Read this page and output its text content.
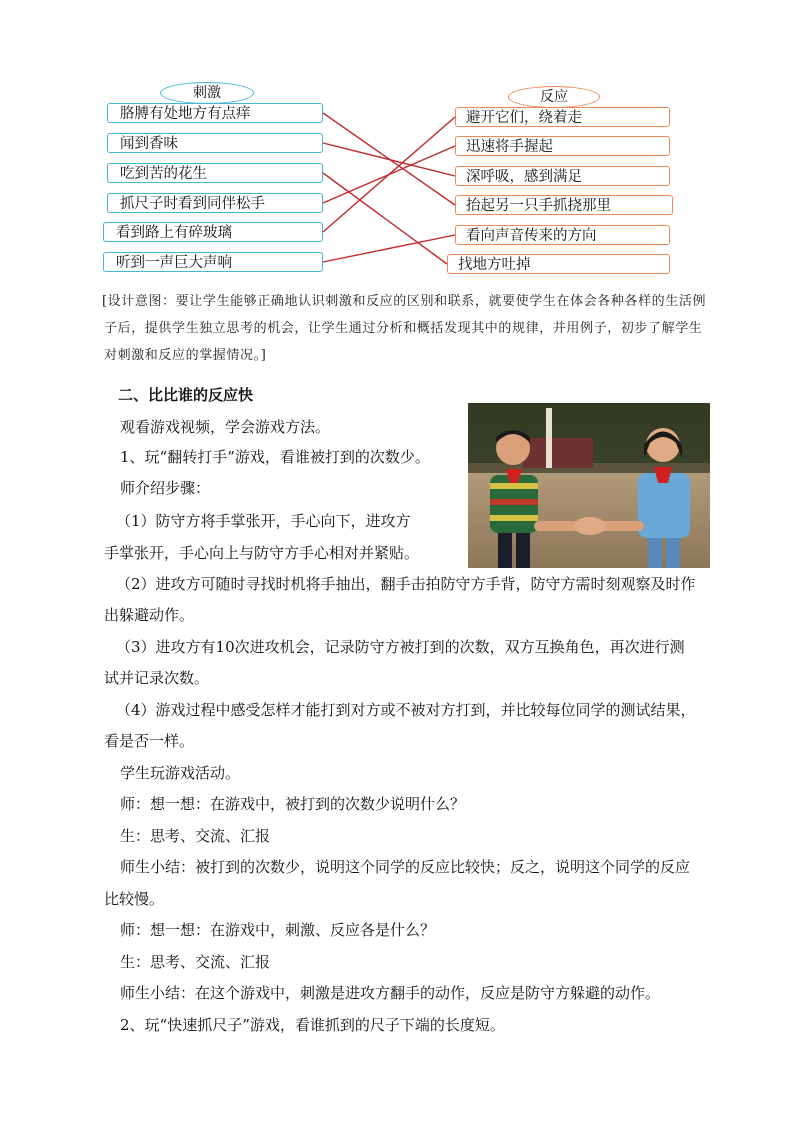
刺激	反应
胳膊有处地方有点痒
闻到香味
吃到苦的花生
抓尺子时看到同伴松手
看到路上有碎玻璃
听到一声巨大声响
避开它们，绕着走
迅速将手握起
深呼吸，感到满足
抬起另一只手抓挠那里
看向声音传来的方向
找地方吐掉
[设计意图：要让学生能够正确地认识刺激和反应的区别和联系，就要使学生在体会各种各样的生活例子后，提供学生独立思考的机会，让学生通过分析和概括发现其中的规律，并用例子，初步了解学生对刺激和反应的掌握情况。]
二、比比谁的反应快
观看游戏视频，学会游戏方法。
1、玩“翻转打手”游戏，看谁被打到的次数少。
师介绍步骤：
（1）防守方将手掌张开，手心向下，进攻方
手掌张开，手心向上与防守方手心相对并紧贴。
（2）进攻方可随时寻找时机将手抽出，翻手击拍防守方手背，防守方需时刻观察及时作
出躲避动作。
（3）进攻方有10次进攻机会，记录防守方被打到的次数，双方互换角色，再次进行测
试并记录次数。
（4）游戏过程中感受怎样才能打到对方或不被对方打到，并比较每位同学的测试结果，
看是否一样。
学生玩游戏活动。
师：想一想：在游戏中，被打到的次数少说明什么？
生：思考、交流、汇报
师生小结：被打到的次数少，说明这个同学的反应比较快；反之，说明这个同学的反应
比较慢。
师：想一想：在游戏中，刺激、反应各是什么？
生：思考、交流、汇报
师生小结：在这个游戏中，刺激是进攻方翻手的动作，反应是防守方躲避的动作。
2、玩“快速抓尺子”游戏，看谁抓到的尺子下端的长度短。
